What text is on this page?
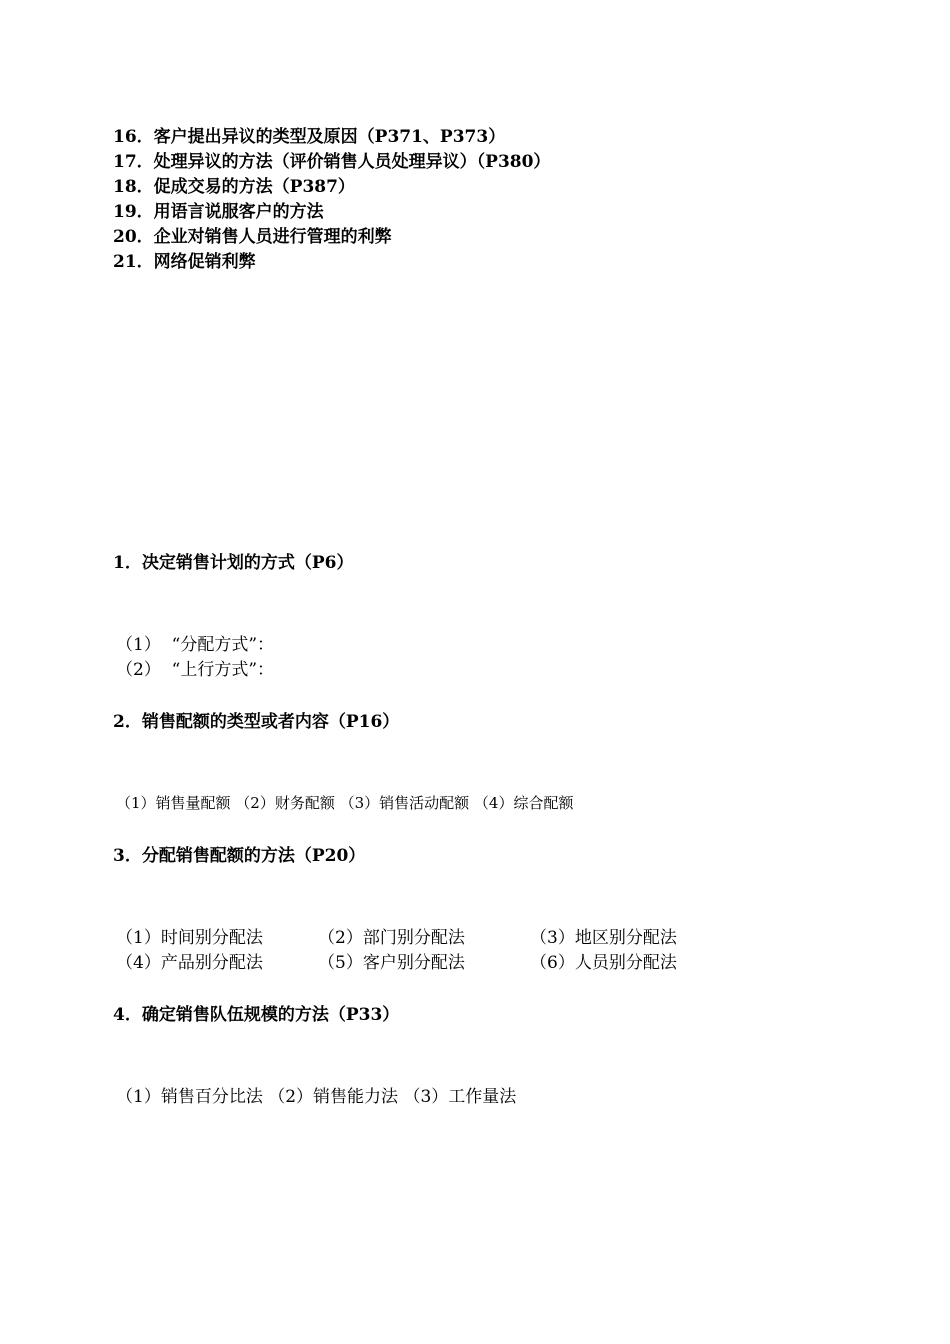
16．客户提出异议的类型及原因（P371、P373）
17．处理异议的方法（评价销售人员处理异议）（P380）
18．促成交易的方法（P387）
19．用语言说服客户的方法
20．企业对销售人员进行管理的利弊
21．网络促销利弊
1．决定销售计划的方式（P6）
（1）  “分配方式”：
（2）  “上行方式”：
2．销售配额的类型或者内容（P16）
（1）销售量配额 （2）财务配额 （3）销售活动配额 （4）综合配额
3．分配销售配额的方法（P20）
（1）时间别分配法	（2）部门别分配法	（3）地区别分配法
（4）产品别分配法	（5）客户别分配法	（6）人员别分配法
4．确定销售队伍规模的方法（P33）
（1）销售百分比法 （2）销售能力法 （3）工作量法
